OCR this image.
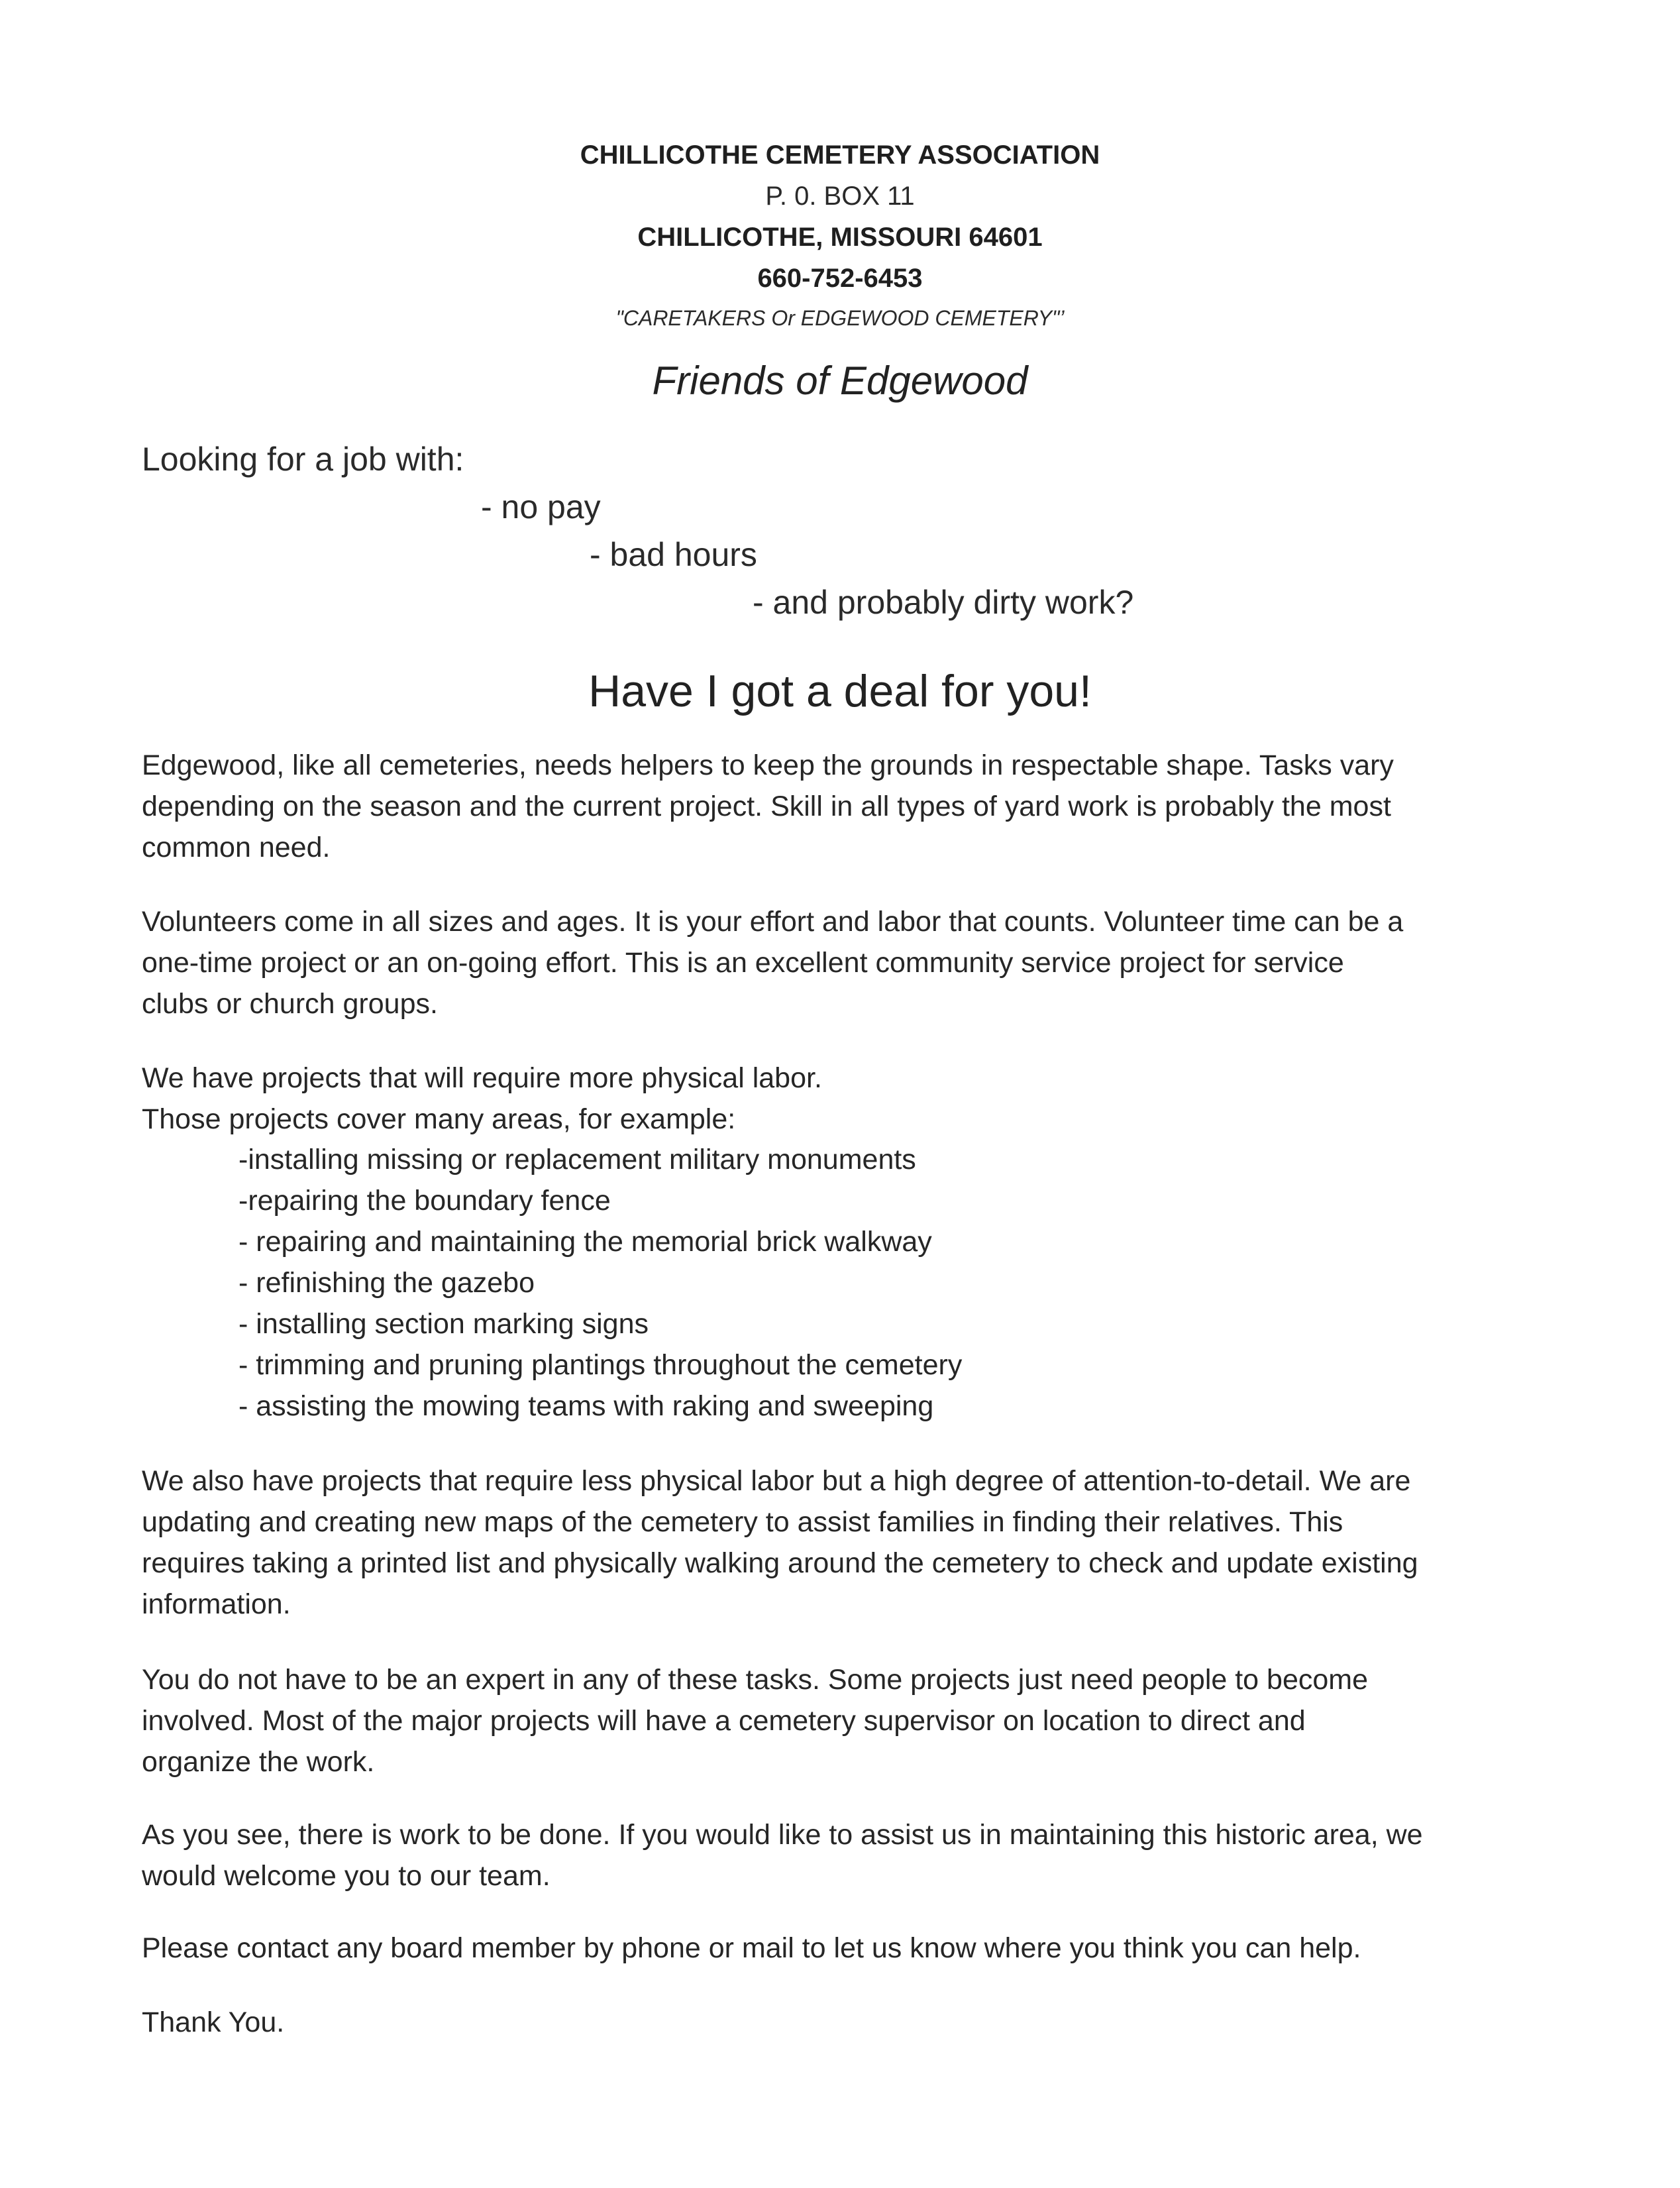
CHILLICOTHE CEMETERY ASSOCIATION
P. 0. BOX 11
CHILLICOTHE, MISSOURI 64601
660-752-6453
"CARETAKERS Or EDGEWOOD CEMETERY"’
Friends of Edgewood
Looking for a job with:
- no pay
- bad hours
- and probably dirty work?
Have I got a deal for you!
Edgewood, like all cemeteries, needs helpers to keep the grounds in respectable shape. Tasks vary
depending on the season and the current project. Skill in all types of yard work is probably the most
common need.
Volunteers come in all sizes and ages. It is your effort and labor that counts. Volunteer time can be a
one-time project or an on-going effort. This is an excellent community service project for service
clubs or church groups.
We have projects that will require more physical labor.
Those projects cover many areas, for example:
-installing missing or replacement military monuments
-repairing the boundary fence
- repairing and maintaining the memorial brick walkway
- refinishing the gazebo
- installing section marking signs
- trimming and pruning plantings throughout the cemetery
- assisting the mowing teams with raking and sweeping
We also have projects that require less physical labor but a high degree of attention-to-detail. We are
updating and creating new maps of the cemetery to assist families in finding their relatives. This
requires taking a printed list and physically walking around the cemetery to check and update existing
information.
You do not have to be an expert in any of these tasks. Some projects just need people to become
involved. Most of the major projects will have a cemetery supervisor on location to direct and
organize the work.
As you see, there is work to be done. If you would like to assist us in maintaining this historic area, we
would welcome you to our team.
Please contact any board member by phone or mail to let us know where you think you can help.
Thank You.
